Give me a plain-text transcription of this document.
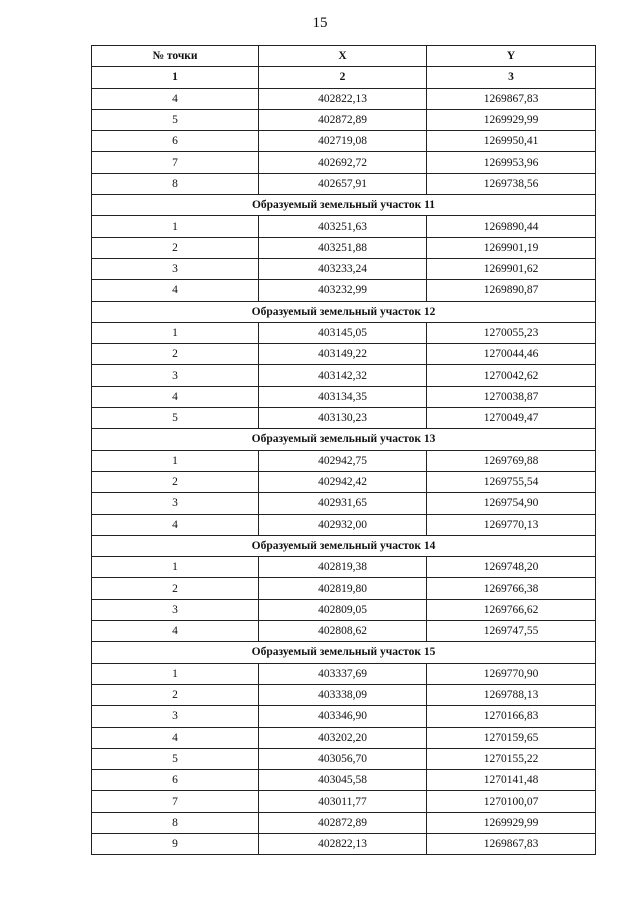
15
№ точки	X	Y
1	2	3
4	402822,13	1269867,83
5	402872,89	1269929,99
6	402719,08	1269950,41
7	402692,72	1269953,96
8	402657,91	1269738,56
Образуемый земельный участок 11		
1	403251,63	1269890,44
2	403251,88	1269901,19
3	403233,24	1269901,62
4	403232,99	1269890,87
Образуемый земельный участок 12		
1	403145,05	1270055,23
2	403149,22	1270044,46
3	403142,32	1270042,62
4	403134,35	1270038,87
5	403130,23	1270049,47
Образуемый земельный участок 13		
1	402942,75	1269769,88
2	402942,42	1269755,54
3	402931,65	1269754,90
4	402932,00	1269770,13
Образуемый земельный участок 14		
1	402819,38	1269748,20
2	402819,80	1269766,38
3	402809,05	1269766,62
4	402808,62	1269747,55
Образуемый земельный участок 15		
1	403337,69	1269770,90
2	403338,09	1269788,13
3	403346,90	1270166,83
4	403202,20	1270159,65
5	403056,70	1270155,22
6	403045,58	1270141,48
7	403011,77	1270100,07
8	402872,89	1269929,99
9	402822,13	1269867,83
